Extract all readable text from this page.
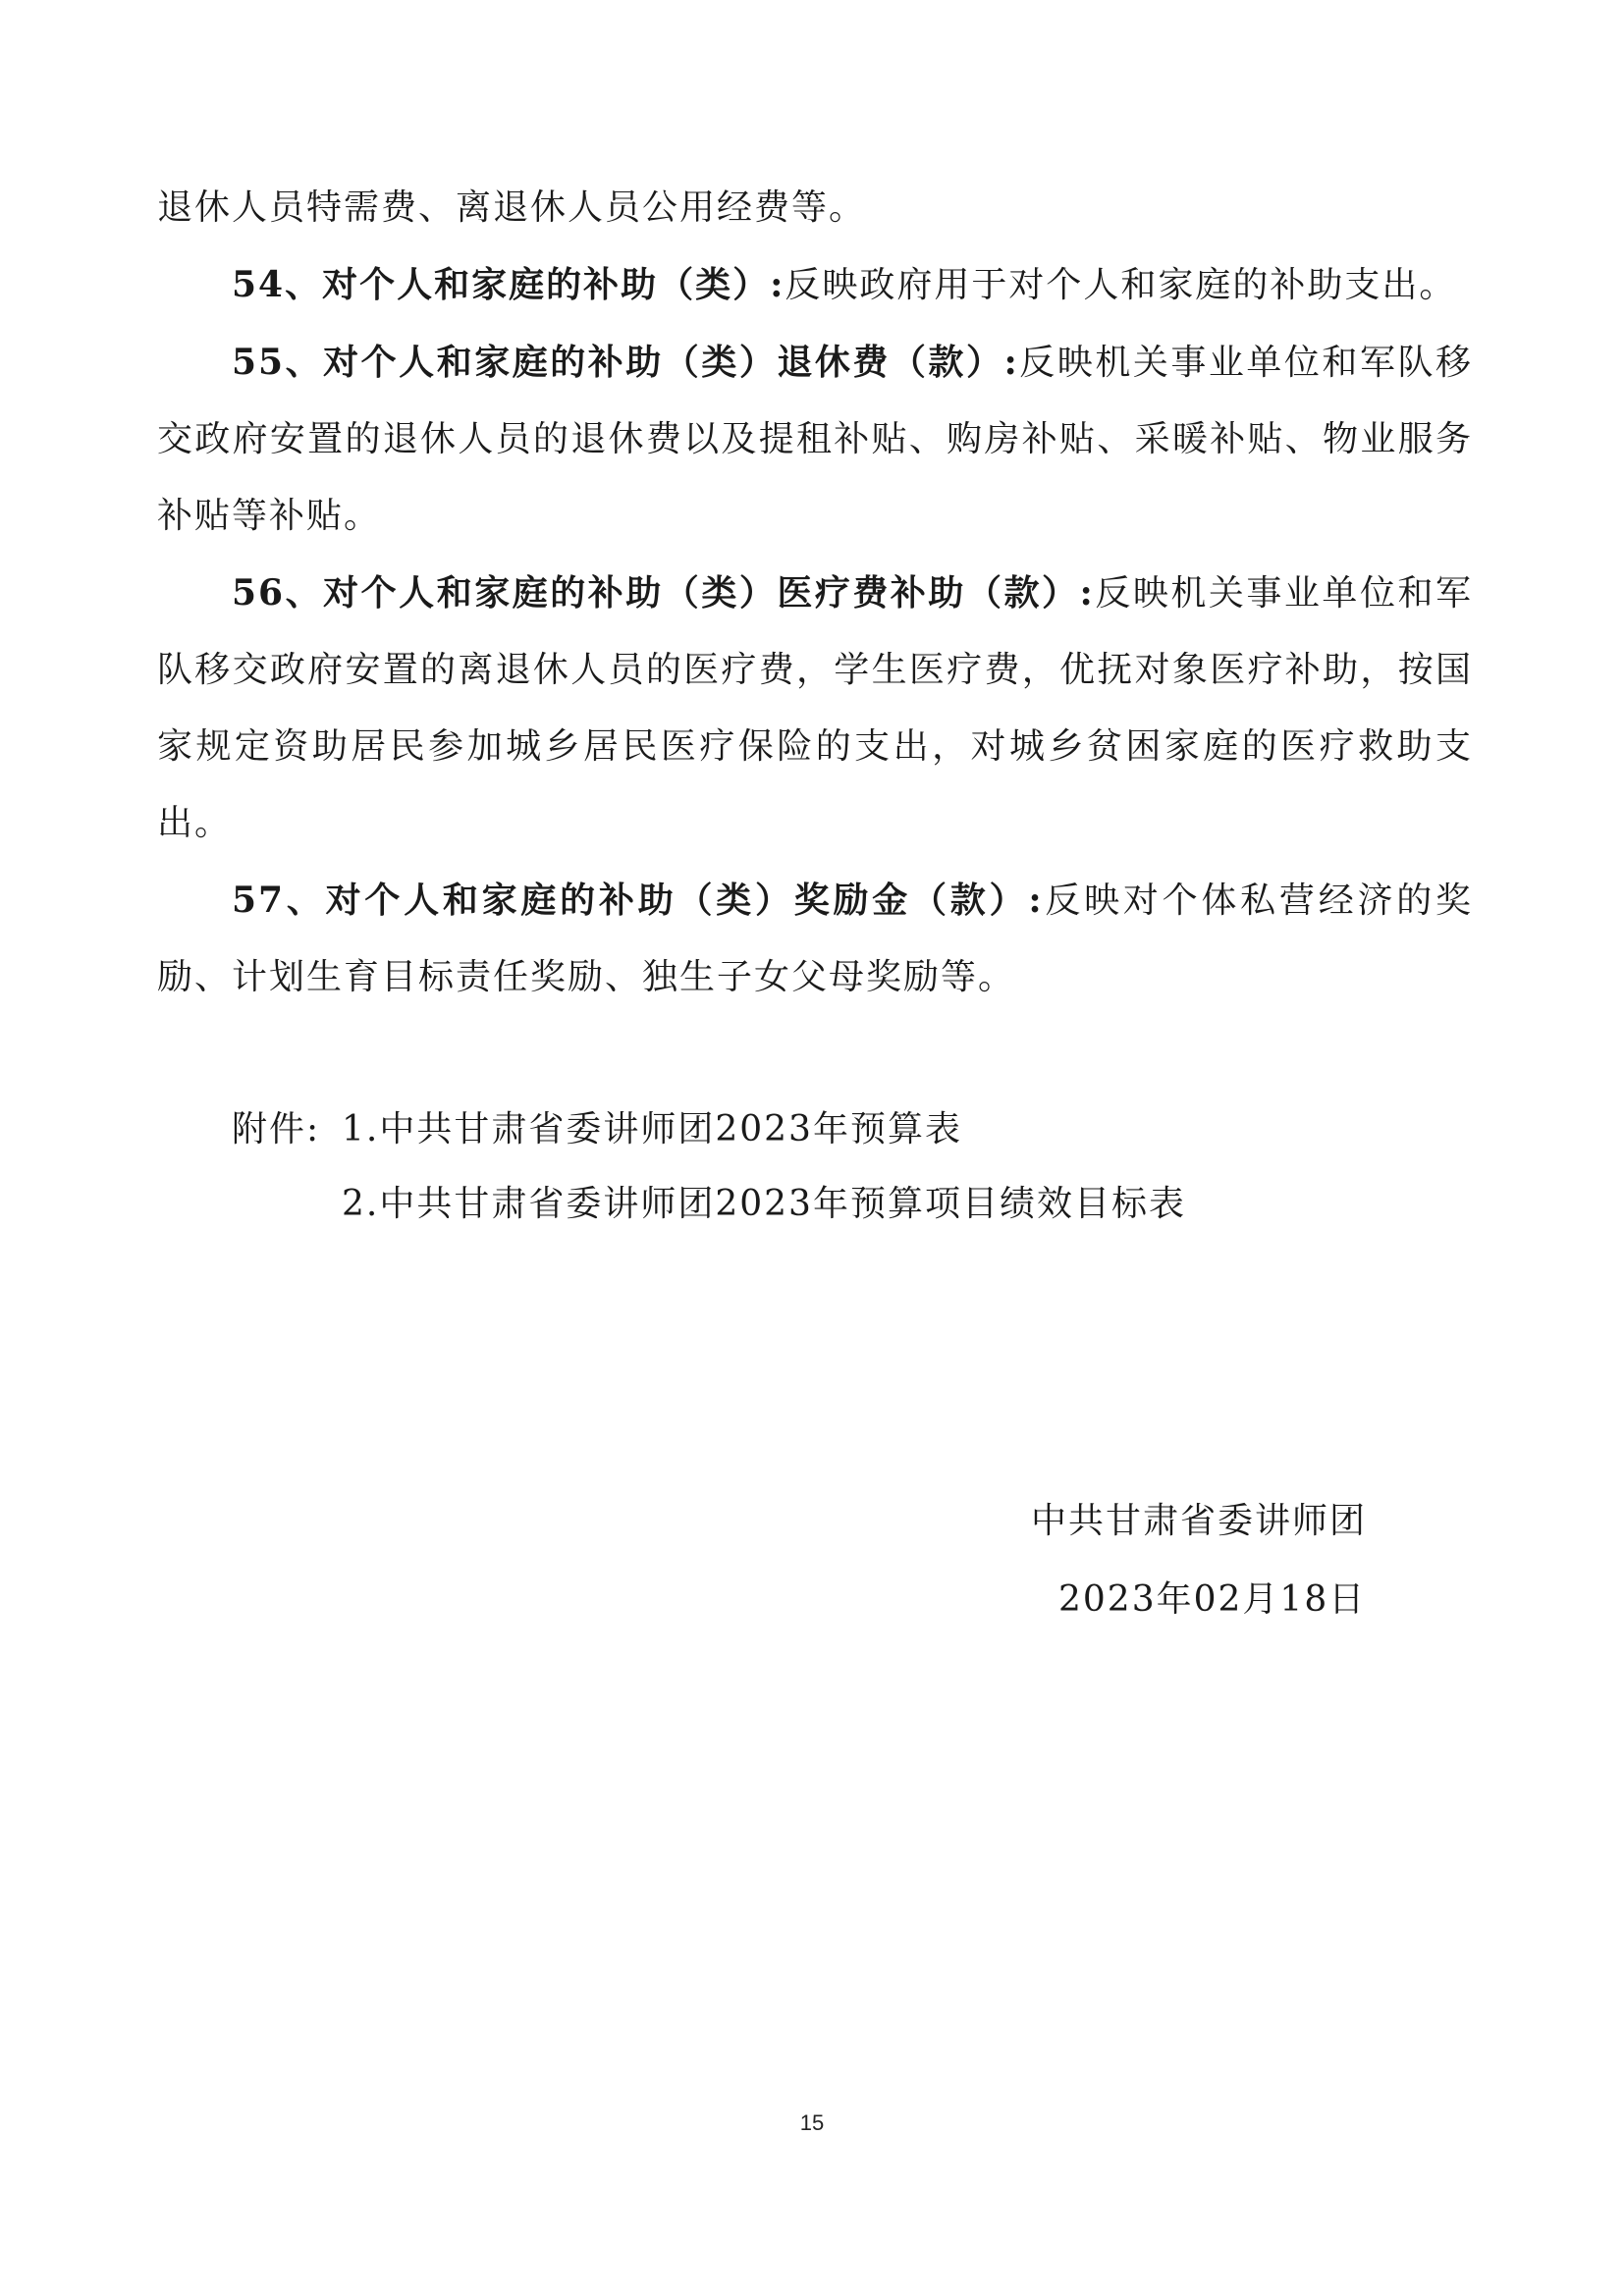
退休人员特需费、离退休人员公用经费等。

54、对个人和家庭的补助（类）:反映政府用于对个人和家庭的补助支出。

55、对个人和家庭的补助（类）退休费（款）:反映机关事业单位和军队移交政府安置的退休人员的退休费以及提租补贴、购房补贴、采暖补贴、物业服务补贴等补贴。

56、对个人和家庭的补助（类）医疗费补助（款）:反映机关事业单位和军队移交政府安置的离退休人员的医疗费，学生医疗费，优抚对象医疗补助，按国家规定资助居民参加城乡居民医疗保险的支出，对城乡贫困家庭的医疗救助支出。

57、对个人和家庭的补助（类）奖励金（款）:反映对个体私营经济的奖励、计划生育目标责任奖励、独生子女父母奖励等。

附件: 1.中共甘肃省委讲师团2023年预算表
2.中共甘肃省委讲师团2023年预算项目绩效目标表
中共甘肃省委讲师团
2023年02月18日
15
